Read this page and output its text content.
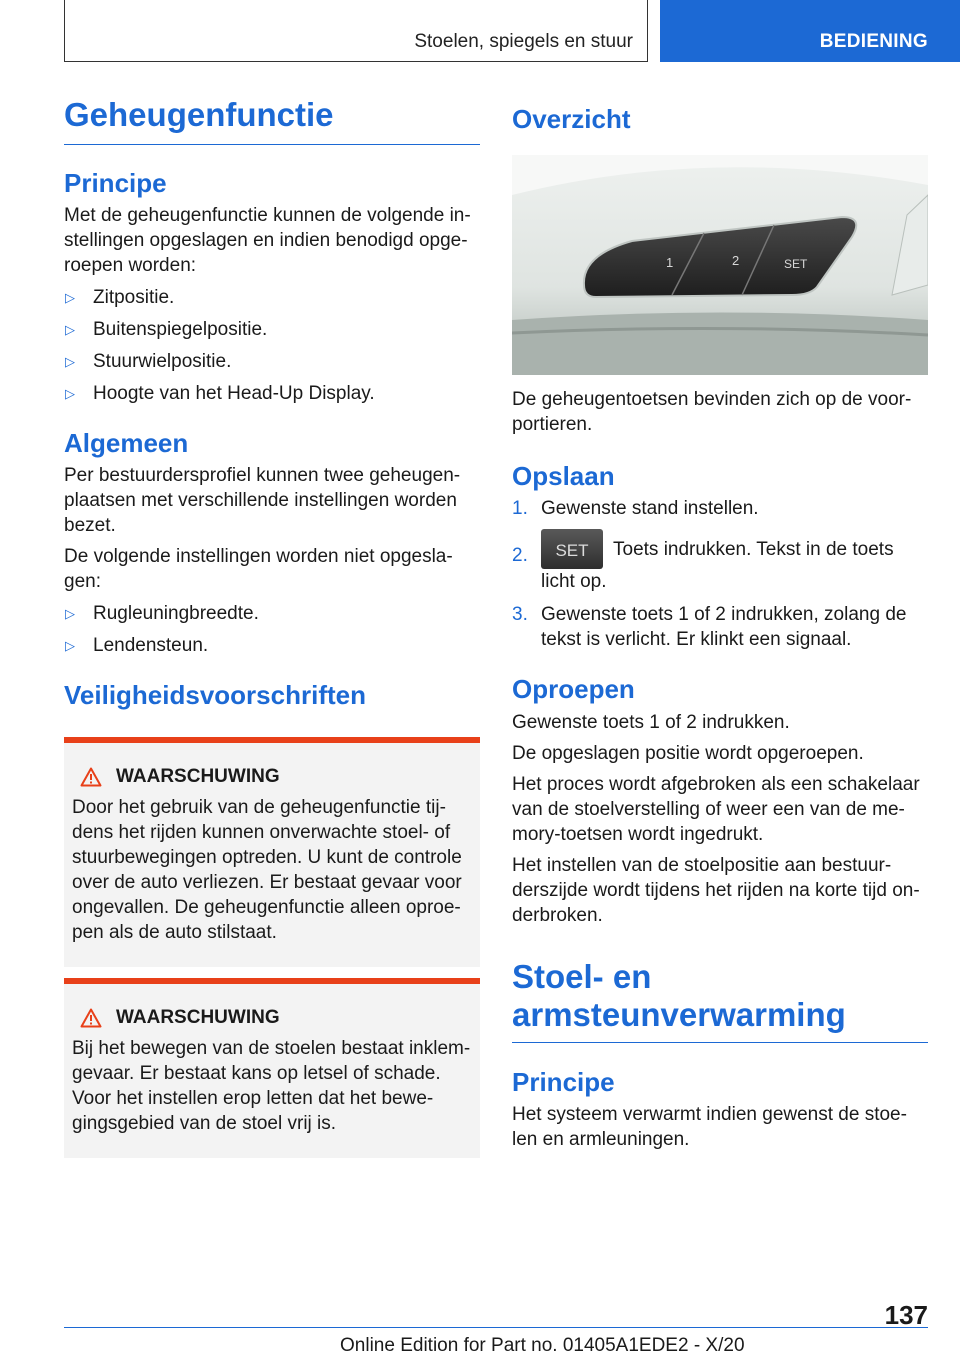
Stoelen, spiegels en stuur	BEDIENING
Geheugenfunctie
Principe

Met de geheugenfunctie kunnen de volgende in-stellingen opgeslagen en indien benodigd opge-roepen worden:

▷ Zitpositie.
▷ Buitenspiegelpositie.
▷ Stuurwielpositie.
▷ Hoogte van het Head-Up Display.
Algemeen

Per bestuurdersprofiel kunnen twee geheugen-plaatsen met verschillende instellingen worden bezet.

De volgende instellingen worden niet opgesla-gen:

▷ Rugleuningbreedte.
▷ Lendensteun.
Veiligheidsvoorschriften
WAARSCHUWING

Door het gebruik van de geheugenfunctie tij-dens het rijden kunnen onverwachte stoel- of stuurbewegingen optreden. U kunt de controle over de auto verliezen. Er bestaat gevaar voor ongevallen. De geheugenfunctie alleen oproe-pen als de auto stilstaat.

WAARSCHUWING

Bij het bewegen van de stoelen bestaat inklem-gevaar. Er bestaat kans op letsel of schade. Voor het instellen erop letten dat het bewe-gingsgebied van de stoel vrij is.

Overzicht
1	2	SET

De geheugentoetsen bevinden zich op de voor-portieren.

Opslaan
1. Gewenste stand instellen.
2.	SET	Toets indrukken. Tekst in de toets licht op.
3. Gewenste toets 1 of 2 indrukken, zolang de tekst is verlicht. Er klinkt een signaal.
Oproepen

Gewenste toets 1 of 2 indrukken.

De opgeslagen positie wordt opgeroepen.

Het proces wordt afgebroken als een schakelaar van de stoelverstelling of weer een van de me-mory-toetsen wordt ingedrukt.

Het instellen van de stoelpositie aan bestuur-derszijde wordt tijdens het rijden na korte tijd on-derbroken.

Stoel- en
armsteunverwarming
Principe

Het systeem verwarmt indien gewenst de stoe-len en armleuningen.

137
Online Edition for Part no. 01405A1EDE2 - X/20
